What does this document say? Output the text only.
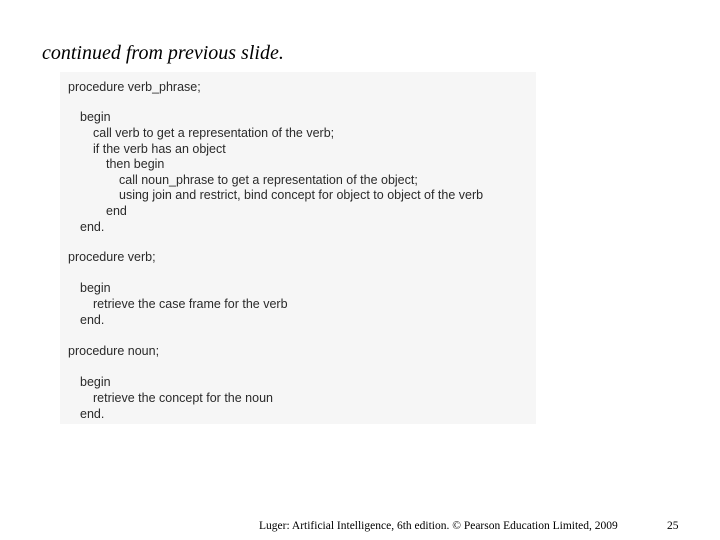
continued from previous slide.
procedure verb_phrase;
begin
call verb to get a representation of the verb;
if the verb has an object
then begin
call noun_phrase to get a representation of the object;
using join and restrict, bind concept for object to object of the verb
end
end.
procedure verb;
begin
retrieve the case frame for the verb
end.
procedure noun;
begin
retrieve the concept for the noun
end.
Luger: Artificial Intelligence, 6th edition. © Pearson Education Limited, 2009	25
